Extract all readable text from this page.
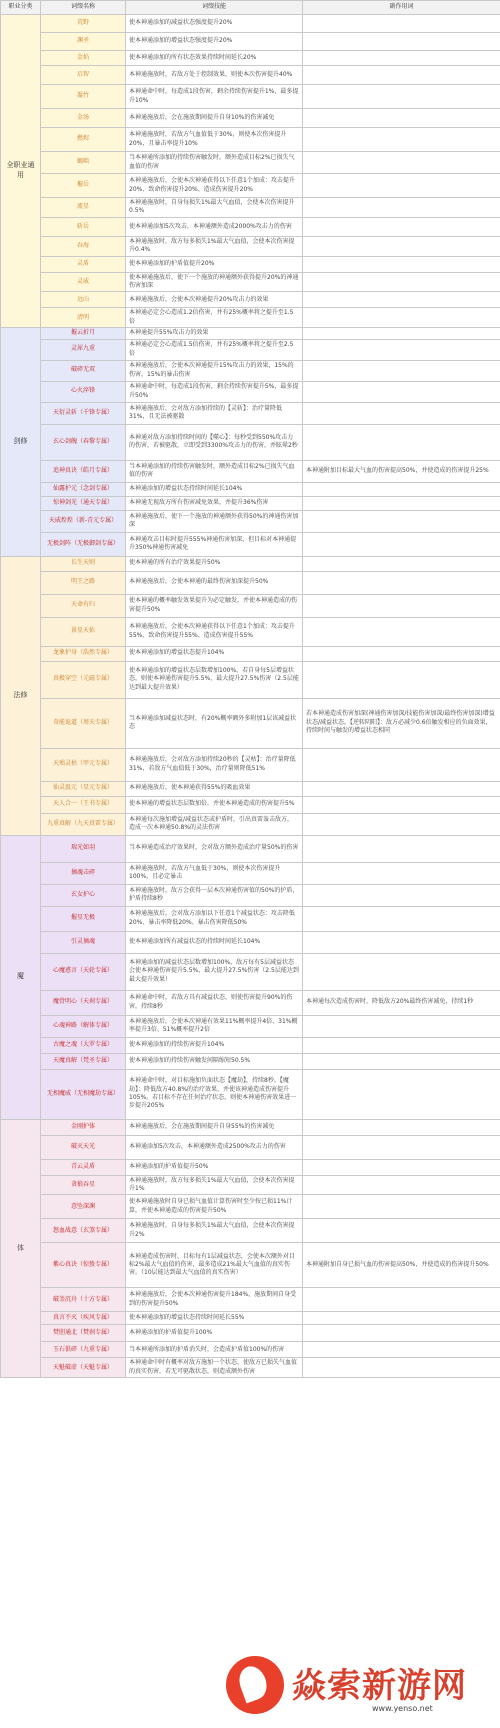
职业分类	词缀名称	词缀技能	副作用词
全职业通用	荒野	使本神通添加的减益状态强度提升20%	
	渊圣	使本神通添加的增益状态强度提升20%	
	金焰	使本神通添加的所有状态效果持续时间延长20%	
	启智	本神通施放时，若敌方处于控制效果，则使本次伤害提升40%	
	凝竹	本神通命中时，每造成1段伤害，剩余持续伤害提升1%，最多提升10%	
	金汤	本神通施放后，会在施放期间提升自身10%的伤害减免	
	燃烬	本神通施放时，若敌方气血值低于30%，则使本次伤害提升20%，且暴击率提升10%	
	蝎啮	当本神通所添加的持续伤害触发时，额外造成目标2%已损失气血值的伤害	
	摧岳	本神通施放后，会使本次神通获得以下任意1个加成：攻击提升20%、致命伤害提升20%、造成伤害提升20%	
	流星	本神通施放时，自身每损失1%最大气血值，会使本次伤害提升0.5%	
	斩岳	使本神通添加5次攻击，本神通额外造成2000%攻击力的伤害	
	吞海	本神通施放时，敌方每多损失1%最大气血值，会使本次伤害提升0.4%	
	灵盾	使本神通添加的护盾值提升20%	
	灵威	使本神通施放后，使下一个施放的神通额外获得提升20%的神通伤害加深	
	远山	本神通施放后，会使本次神通提升20%攻击力的效果	
	清明	本神通必定会心造成1.2倍伤害，并有25%概率将之提升至1.5倍	
剑修	摧云折月	本神通提升55%攻击力的效果	
	灵犀九重	本神通必定会心造成1.5倍伤害，并有25%概率将之提升至2.5倍	
	破碎无双	本神通施放后，会使本次神通提升15%攻击力的效果，15%的伤害，15%的暴击伤害	
	心火淬锋	本神通命中时，每造成1段伤害，剩余持续伤害提升5%，最多提升50%	
	天衍灵斩（千锋专属）	本神通施放后，会对敌方添加持续的【灵斩】：治疗量降低31%，且无法被驱散	
	玄心剑魄（春黎专属）	本神通对敌方添加持续时间的【噬心】：每秒受到550%攻击力的伤害，若被驱散，立即受到3300%攻击力的伤害，并眩晕2秒	
	追神真诀（皓月专属）	当本神通添加的持续伤害触发时，额外造成目标2%已损失气血值的伤害	本神通附加目标最大气血的伤害提高50%，并使造成的伤害提升25%
	仙露护元（念剑专属）	本神通添加的增益状态持续时间延长104%	
	惊神剑光（通天专属）	本神通无视敌方所有伤害减免效果，并提升36%伤害	
	天威煌煌（新-青元专属）	本神通施放后，使下一个施放的神通额外获得50%的神通伤害加深	
	无极剑阵（无极御剑专属）	本神通攻击目标时提升555%神通伤害加深，但目标对本神通提升350%神通伤害减免	
法修	长生天则	使本神通的所有治疗效果提升50%	
	明王之路	本神通施放后，会使本神通的最终伤害加深提升50%	
	天命有归	使本神通的概率触发效果提升为必定触发，并使本神通造成的伤害提升50%	
	景星天佑	本神通施放后，会使本次神通获得以下任意1个加成：攻击提升55%、致命伤害提升55%、造成伤害提升55%	
	龙象护身（浩然专属）	使本神通添加的增益状态提升104%	
	真极穿空（元磁专属）	使本神通添加的增益状态层数增加100%，若自身每5层增益状态，则使本神通伤害提升5.5%，最大提升27.5%伤害（2.5层能达到最大提升效果）	
	奇能诡道（周天专属）	当本神通添加减益状态时，有20%概率额外多附加1层该减益状态	若本神通造成伤害加深(神通伤害加深/技能伤害加深/最终伤害加深)增益状态/减益状态，【逆转阴阳】：敌方必减少0.6倍触发相应的负面效果，持续时间与触发的增益状态相同
	天殒灵枯（甲元专属）	本神通施放后，会对敌方添加持续20秒的【灵枯】：治疗量降低31%，若敌方气血值低于30%，治疗量则降低51%	
	仙灵汲元（星元专属）	本神通施放后，使本神通获得55%的吸血效果	
	天人合一（王书专属）	使本神通的增益状态层数加倍，并使本神通造成的伤害提升5%	
	九重真解（九天真雷专属）	本神通每次施加增益/减益状态或护盾时，引出真雷轰击敌方，造成一次本神通50.8%的灵法伤害	
魔	瑞光如羽	当本神通造成治疗效果时，会对敌方额外造成治疗量50%的伤害	
	摘魂击碎	本神通施放时，若敌方气血低于30%，则使本次伤害提升100%，且必定暴击	
	玄女护心	本神通施放时，敌方会获得一层本次神通伤害值的50%的护盾，护盾持续8秒	
	摧星无极	本神通施放后，会对敌方添加以下任意1个减益状态：攻击降低20%、暴击率降低20%、暴击伤害降低50%	
	引灵摘魂	使本神通添加所有减益状态的持续时间延长104%	
	心魔惑言（天轮专属）	本神通添加的减益状态层数增加100%，敌方每有5层减益状态会使本神通伤害提升5.5%，最大提升27.5%伤害（2.5层能达到最大提升效果）	
	魔骨明心（天刹专属）	本神通命中时，若敌方具有减益状态，则使伤害提升90%的伤害，持续8秒	本神通每次造成伤害时，降低敌方20%最终伤害减免，持续1秒
	心魂神路（解体专属）	本神通施放后，会使本次神通有效果11%概率提升4倍、31%概率提升3倍、51%概率提升2倍	
	古魔之魂（大罗专属）	使本神通添加的持续伤害提升104%	
	天魔真解（梵圣专属）	使本神通添加的持续伤害触发间隔缩短50.5%	
	无相魔威（无相魔劫专属）	本神通命中时，对目标施加负面状态【魔劫】，持续8秒。【魔劫】：降低敌方40.8%的治疗效果，并使该神通造成伤害提升105%。若目标不存在任何治疗状态，则使本神通伤害效果进一步提升205%	
体	金刚护体	本神通施放后，会在施放期间提升自身55%的伤害减免	
	破灭天光	本神通添加5次攻击，本神通额外造成2500%攻击力的伤害	
	青云灵盾	本神通添加的护盾值提升50%	
	贪狼吞星	本神通施放时，敌方每多损失1%最大气血值，会使本次伤害提升1%	
	意坠深渊	使本神通施放时自身已损气血值计算伤害时至少按已损11%计算，并使本神通造成的伤害提升50%	
	怒血战意（玄煞专属）	本神通施放时，自身每多损失1%最大气血值，会使本次伤害提升2%	
	紫心真诀（惊蛰专属）	本神通造成伤害时，目标每有1层减益状态，会使本次额外对目标2%最大气血值的伤害，最多造成21%最大气血值的真实伤害。（10层能达到最大气血值的真实伤害）	本神通附加自身已损气血的伤害提高50%，并使造成的伤害提升50%
	破釜沉舟（十方专属）	本神通施放后，会使本次神通伤害提升184%，施放期间自身受到的伤害提升50%	
	真言不灭（疾风专属）	使本神通添加的增益状态持续时间延长55%	
	焚胆通北（焚刹专属）	本神通添加的护盾值提升100%	
	玉石俱碎（九重专属）	当本神通所添加的护盾消失时，会造成护盾值100%的伤害	
	天魁破虚（天魁专属）	本神通命中时有概率对敌方施加一个状态，使敌方已损失气血值的真实伤害，若无可驱散状态，则造成额外伤害	
焱索新游网
www.yenso.net
